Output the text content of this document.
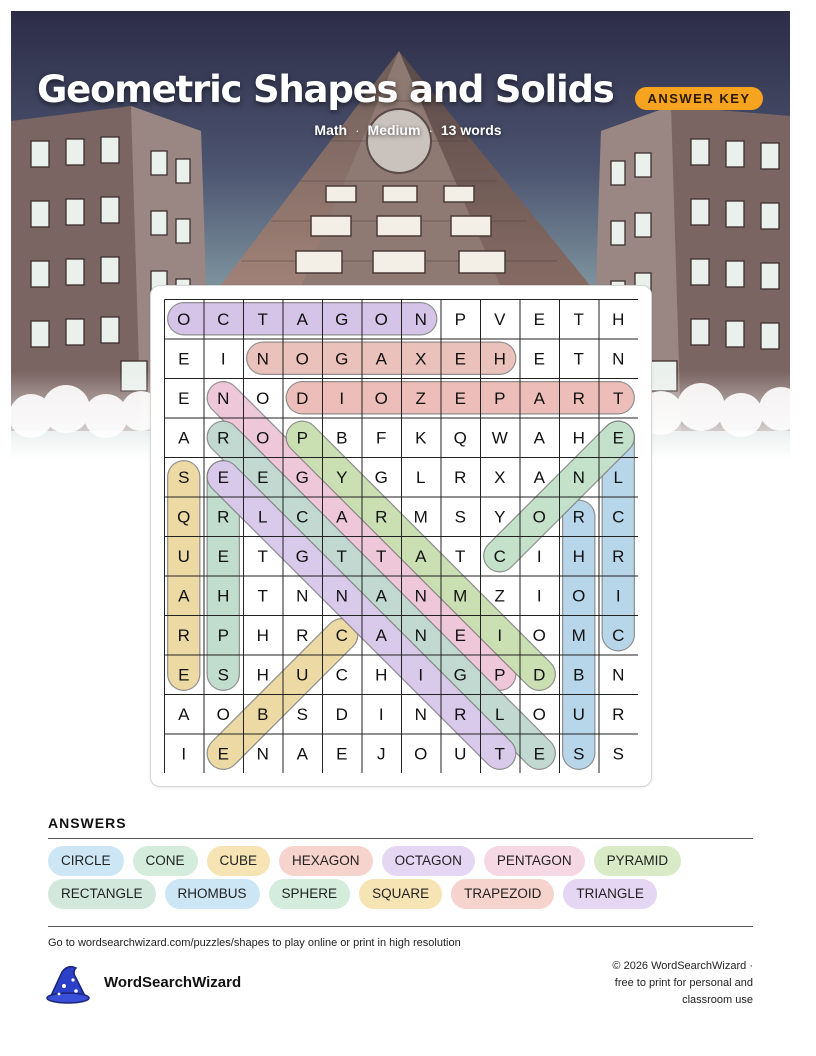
Geometric Shapes and Solids	ANSWER KEY
Math · Medium · 13 words
O C T A G O N P V E T H
E I N O G A X E H E T N
E N O D I O Z E P A R T
A R O P B F K Q W A H E
S E E G Y G L R X A N L
Q R L C A R M S Y O R C
U E T G T T A T C I H R
A H T N N A N M Z I O I
R P H R C A N E I O M C
E S H U C H I G P D B N
A O B S D I N R L O U R
I E N A E J O U T E S S
ANSWERS
CIRCLE	CONE	CUBE	HEXAGON	OCTAGON	PENTAGON	PYRAMID
RECTANGLE	RHOMBUS	SPHERE	SQUARE	TRAPEZOID	TRIANGLE
Go to wordsearchwizard.com/puzzles/shapes to play online or print in high resolution
WordSearchWizard
© 2026 WordSearchWizard ·
free to print for personal and
classroom use
